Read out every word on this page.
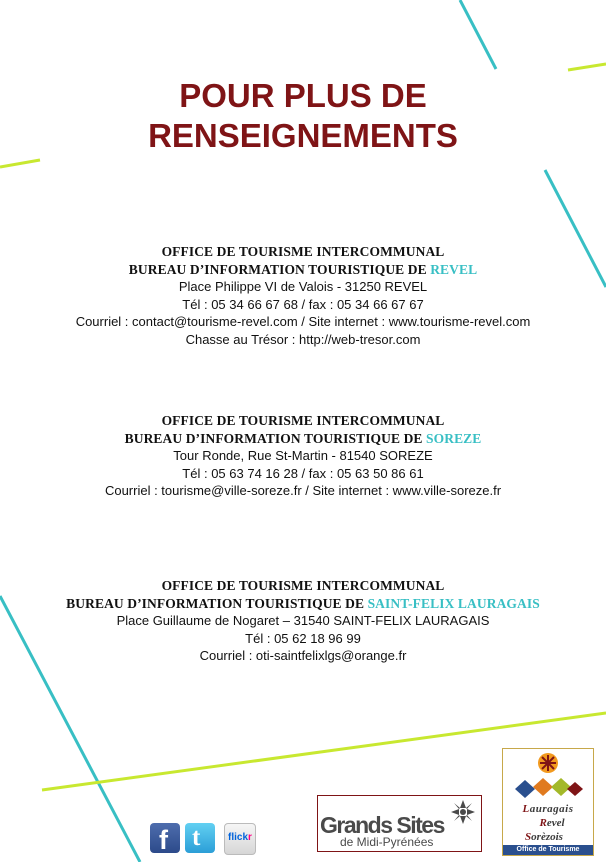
POUR PLUS DE
RENSEIGNEMENTS
OFFICE DE TOURISME INTERCOMMUNAL
BUREAU D’INFORMATION TOURISTIQUE DE REVEL
Place Philippe VI de Valois - 31250 REVEL
Tél : 05 34 66 67 68 / fax : 05 34 66 67 67
Courriel : contact@tourisme-revel.com / Site internet : www.tourisme-revel.com
Chasse au Trésor : http://web-tresor.com
OFFICE DE TOURISME INTERCOMMUNAL
BUREAU D’INFORMATION TOURISTIQUE DE SOREZE
Tour Ronde, Rue St-Martin - 81540 SOREZE
Tél : 05 63 74 16 28 / fax : 05 63 50 86 61
Courriel : tourisme@ville-soreze.fr / Site internet : www.ville-soreze.fr
OFFICE DE TOURISME INTERCOMMUNAL
BUREAU D’INFORMATION TOURISTIQUE DE SAINT-FELIX LAURAGAIS
Place Guillaume de Nogaret – 31540 SAINT-FELIX LAURAGAIS
Tél : 05 62 18 96 99
Courriel : oti-saintfelixlgs@orange.fr
f t	flickr	Grands Sites
de Midi-Pyrénées
Lauragais
Revel
Sorèzois
Office de Tourisme
